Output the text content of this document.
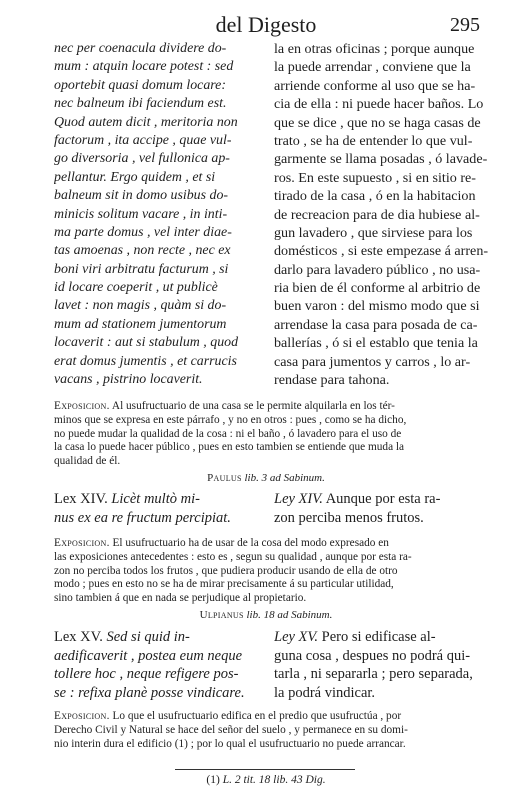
del Digesto	295
nec per coenacula dividere do-
mum : atquin locare potest : sed
oportebit quasi domum locare:
nec balneum ibi faciendum est.
Quod autem dicit , meritoria non
factorum , ita accipe , quae vul-
go diversoria , vel fullonica ap-
pellantur. Ergo quidem , et si
balneum sit in domo usibus do-
minicis solitum vacare , in inti-
ma parte domus , vel inter diae-
tas amoenas , non recte , nec ex
boni viri arbitratu facturum , si
id locare coeperit , ut publicè
lavet : non magis , quàm si do-
mum ad stationem jumentorum
locaverit : aut si stabulum , quod
erat domus jumentis , et carrucis
vacans , pistrino locaverit.
la en otras oficinas ; porque aunque
la puede arrendar , conviene que la
arriende conforme al uso que se ha-
cia de ella : ni puede hacer baños. Lo
que se dice , que no se haga casas de
trato , se ha de entender lo que vul-
garmente se llama posadas , ó lavade-
ros. En este supuesto , si en sitio re-
tirado de la casa , ó en la habitacion
de recreacion para de dia hubiese al-
gun lavadero , que sirviese para los
domésticos , si este empezase á arren-
darlo para lavadero público , no usa-
ria bien de él conforme al arbitrio de
buen varon : del mismo modo que si
arrendase la casa para posada de ca-
ballerías , ó si el establo que tenia la
casa para jumentos y carros , lo ar-
rendase para tahona.
Exposicion. Al usufructuario de una casa se le permite alquilarla en los tér-
minos que se expresa en este párrafo , y no en otros : pues , como se ha dicho,
no puede mudar la qualidad de la cosa : ni el baño , ó lavadero para el uso de
la casa lo puede hacer público , pues en esto tambien se entiende que muda la
qualidad de él.
Paulus lib. 3 ad Sabinum.
Lex XIV. Licèt multò mi-
nus ex ea re fructum percipiat.
Ley XIV. Aunque por esta ra-
zon perciba menos frutos.
Exposicion. El usufructuario ha de usar de la cosa del modo expresado en
las exposiciones antecedentes : esto es , segun su qualidad , aunque por esta ra-
zon no perciba todos los frutos , que pudiera producir usando de ella de otro
modo ; pues en esto no se ha de mirar precisamente á su particular utilidad,
sino tambien á que en nada se perjudique al propietario.
Ulpianus lib. 18 ad Sabinum.
Lex XV. Sed si quid in-
aedificaverit , postea eum neque
tollere hoc , neque refigere pos-
se : refixa planè posse vindicare.
Ley XV. Pero si edificase al-
guna cosa , despues no podrá qui-
tarla , ni separarla ; pero separada,
la podrá vindicar.
Exposicion. Lo que el usufructuario edifica en el predio que usufructúa , por
Derecho Civil y Natural se hace del señor del suelo , y permanece en su domi-
nio interin dura el edificio (1) ; por lo qual el usufructuario no puede arrancar.
(1) L. 2 tit. 18 lib. 43 Dig.
